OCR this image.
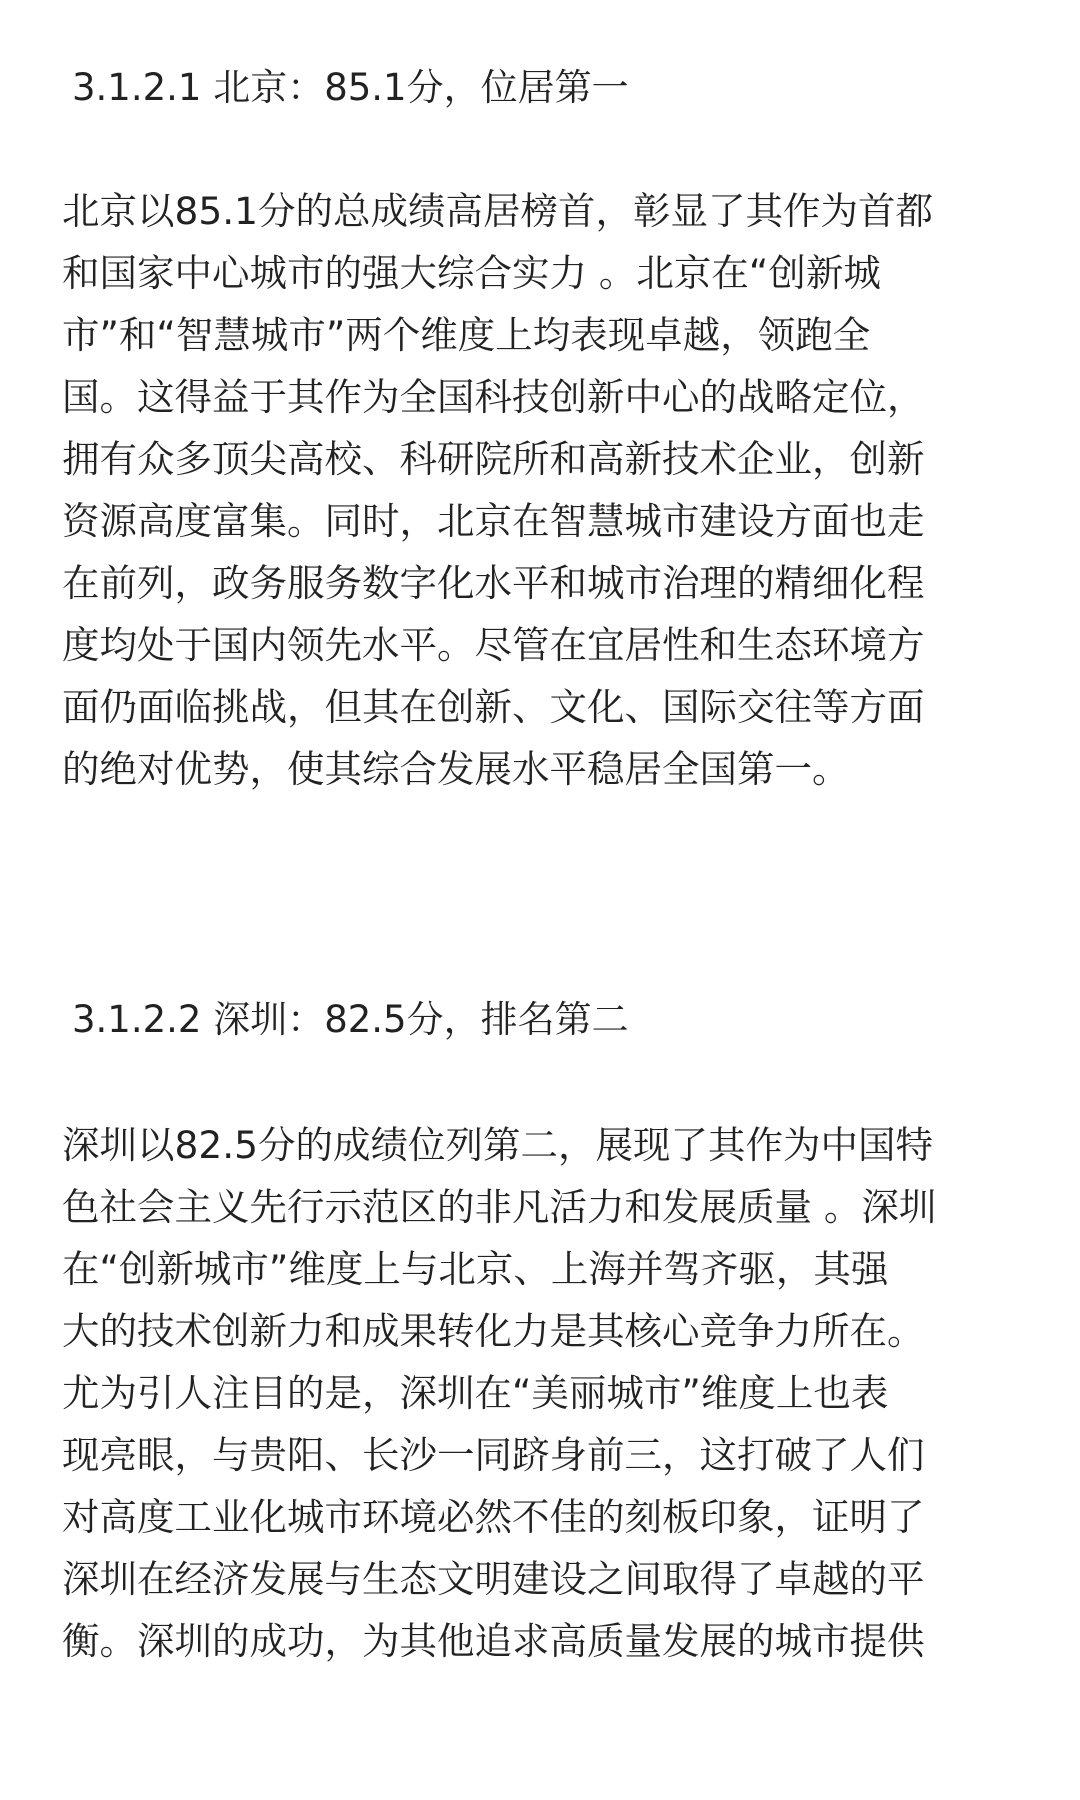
3.1.2.1 北京：85.1分，位居第一
北京以85.1分的总成绩高居榜首，彰显了其作为首都
和国家中心城市的强大综合实力 。北京在“创新城
市”和“智慧城市”两个维度上均表现卓越，领跑全
国。这得益于其作为全国科技创新中心的战略定位，
拥有众多顶尖高校、科研院所和高新技术企业，创新
资源高度富集。同时，北京在智慧城市建设方面也走
在前列，政务服务数字化水平和城市治理的精细化程
度均处于国内领先水平。尽管在宜居性和生态环境方
面仍面临挑战，但其在创新、文化、国际交往等方面
的绝对优势，使其综合发展水平稳居全国第一。
3.1.2.2 深圳：82.5分，排名第二
深圳以82.5分的成绩位列第二，展现了其作为中国特
色社会主义先行示范区的非凡活力和发展质量 。深圳
在“创新城市”维度上与北京、上海并驾齐驱，其强
大的技术创新力和成果转化力是其核心竞争力所在。
尤为引人注目的是，深圳在“美丽城市”维度上也表
现亮眼，与贵阳、长沙一同跻身前三，这打破了人们
对高度工业化城市环境必然不佳的刻板印象，证明了
深圳在经济发展与生态文明建设之间取得了卓越的平
衡。深圳的成功，为其他追求高质量发展的城市提供
